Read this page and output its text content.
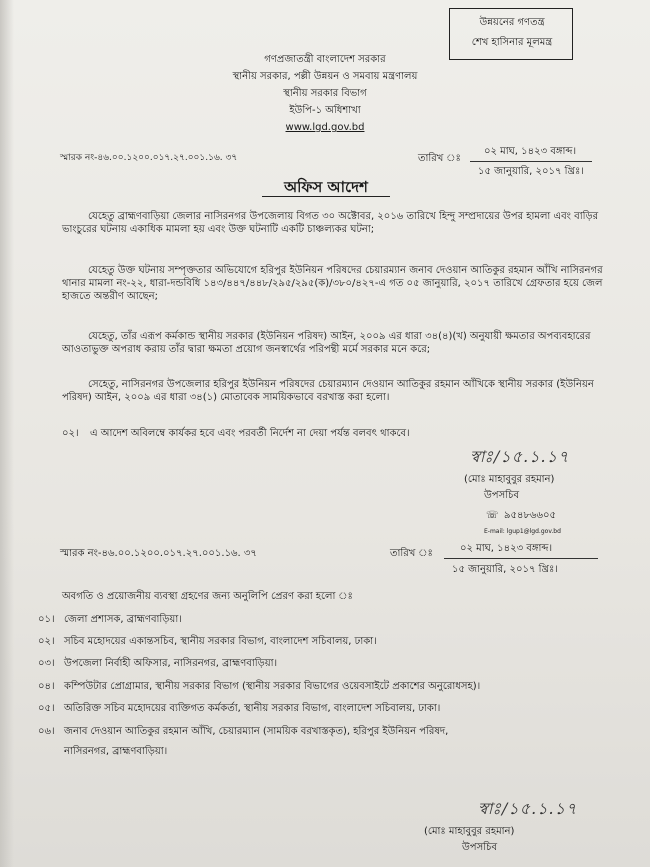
উন্নয়নের গণতন্ত্র
শেখ হাসিনার মূলমন্ত্র
গণপ্রজাতন্ত্রী বাংলাদেশ সরকার
স্থানীয় সরকার, পল্লী উন্নয়ন ও সমবায় মন্ত্রণালয়
স্থানীয় সরকার বিভাগ
ইউপি-১ অধিশাখা
www.lgd.gov.bd
স্মারক নং-৪৬.০০.১২০০.০১৭.২৭.০০১.১৬. ৩৭	তারিখ ঃ
০২ মাঘ, ১৪২৩ বঙ্গাব্দ।
১৫ জানুয়ারি, ২০১৭ খ্রিঃ।
অফিস আদেশ
যেহেতু ব্রাহ্মণবাড়িয়া জেলার নাসিরনগর উপজেলায় বিগত ৩০ অক্টোবর, ২০১৬ তারিখে হিন্দু সম্প্রদায়ের উপর হামলা এবং বাড়ির ভাংচুরের ঘটনায় একাধিক মামলা হয় এবং উক্ত ঘটনাটি একটি চাঞ্চল্যকর ঘটনা;
যেহেতু উক্ত ঘটনায় সম্পৃক্ততার অভিযোগে হরিপুর ইউনিয়ন পরিষদের চেয়ারম্যান জনাব দেওয়ান আতিকুর রহমান আঁখি নাসিরনগর থানার মামলা নং-২২, ধারা-দন্ডবিধি ১৪৩/৪৪৭/৪৪৮/২৯৫/২৯৫(ক)/৩৮০/৪২৭-এ গত ০৫ জানুয়ারি, ২০১৭ তারিখে গ্রেফতার হয়ে জেল হাজতে অন্তরীণ আছেন;
যেহেতু, তাঁর এরূপ কর্মকান্ড স্থানীয় সরকার (ইউনিয়ন পরিষদ) আইন, ২০০৯ এর ধারা ৩৪(৪)(খ) অনুযায়ী ক্ষমতার অপব্যবহারের আওতাভুক্ত অপরাধ করায় তাঁর দ্বারা ক্ষমতা প্রয়োগ জনস্বার্থের পরিপন্থী মর্মে সরকার মনে করে;
সেহেতু, নাসিরনগর উপজেলার হরিপুর ইউনিয়ন পরিষদের চেয়ারম্যান দেওয়ান আতিকুর রহমান আঁখিকে স্থানীয় সরকার (ইউনিয়ন পরিষদ) আইন, ২০০৯ এর ধারা ৩৪(১) মোতাবেক সাময়িকভাবে বরখাস্ত করা হলো।
০২। এ আদেশ অবিলম্বে কার্যকর হবে এবং পরবর্তী নির্দেশ না দেয়া পর্যন্ত বলবৎ থাকবে।
স্বাঃ/১৫.১.১৭
(মোঃ মাহাবুবুর রহমান)
উপসচিব
☏ ৯৫৪৮৬৬০৫
E-mail: lgup1@lgd.gov.bd
স্মারক নং-৪৬.০০.১২০০.০১৭.২৭.০০১.১৬. ৩৭	তারিখ ঃ	০২ মাঘ, ১৪২৩ বঙ্গাব্দ।
১৫ জানুয়ারি, ২০১৭ খ্রিঃ।
অবগতি ও প্রয়োজনীয় ব্যবস্থা গ্রহণের জন্য অনুলিপি প্রেরণ করা হলো ঃ
০১। জেলা প্রশাসক, ব্রাহ্মণবাড়িয়া।
০২। সচিব মহোদয়ের একান্তসচিব, স্থানীয় সরকার বিভাগ, বাংলাদেশ সচিবালয়, ঢাকা।
০৩। উপজেলা নির্বাহী অফিসার, নাসিরনগর, ব্রাহ্মণবাড়িয়া।
০৪। কম্পিউটার প্রোগ্রামার, স্থানীয় সরকার বিভাগ (স্থানীয় সরকার বিভাগের ওয়েবসাইটে প্রকাশের অনুরোধসহ)।
০৫। অতিরিক্ত সচিব মহোদয়ের ব্যক্তিগত কর্মকর্তা, স্থানীয় সরকার বিভাগ, বাংলাদেশ সচিবালয়, ঢাকা।
০৬। জনাব দেওয়ান আতিকুর রহমান আঁখি, চেয়ারম্যান (সাময়িক বরখাস্তকৃত), হরিপুর ইউনিয়ন পরিষদ,
নাসিরনগর, ব্রাহ্মণবাড়িয়া।
স্বাঃ/১৫.১.১৭
(মোঃ মাহাবুবুর রহমান)
উপসচিব
